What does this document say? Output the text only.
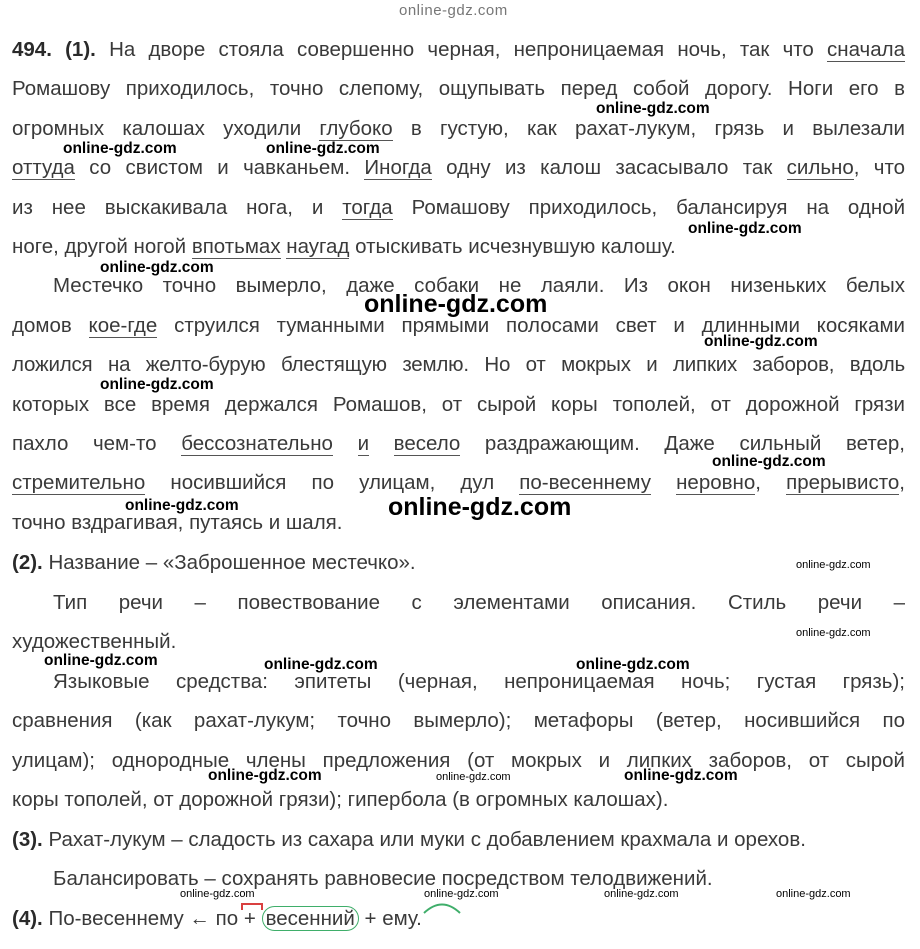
online-gdz.com
494. (1). На дворе стояла совершенно черная, непроницаемая ночь, так что сначала
Ромашову приходилось, точно слепому, ощупывать перед собой дорогу. Ноги его в
огромных калошах уходили глубоко в густую, как рахат-лукум, грязь и вылезали
оттуда со свистом и чавканьем. Иногда одну из калош засасывало так сильно, что
из нее выскакивала нога, и тогда Ромашову приходилось, балансируя на одной
ноге, другой ногой впотьмах наугад отыскивать исчезнувшую калошу.
Местечко точно вымерло, даже собаки не лаяли. Из окон низеньких белых
домов кое-где струился туманными прямыми полосами свет и длинными косяками
ложился на желто-бурую блестящую землю. Но от мокрых и липких заборов, вдоль
которых все время держался Ромашов, от сырой коры тополей, от дорожной грязи
пахло чем-то бессознательно и весело раздражающим. Даже сильный ветер,
стремительно носившийся по улицам, дул по-весеннему неровно, прерывисто,
точно вздрагивая, путаясь и шаля.
(2). Название – «Заброшенное местечко».
Тип речи – повествование с элементами описания. Стиль речи –
художественный.
Языковые средства: эпитеты (черная, непроницаемая ночь; густая грязь);
сравнения (как рахат-лукум; точно вымерло); метафоры (ветер, носившийся по
улицам); однородные члены предложения (от мокрых и липких заборов, от сырой
коры тополей, от дорожной грязи); гипербола (в огромных калошах).
(3). Рахат-лукум – сладость из сахара или муки с добавлением крахмала и орехов.
Балансировать – сохранять равновесие посредством телодвижений.
(4). По-весеннему ← по + весенний + ему.
online-gdz.com
online-gdz.com	online-gdz.com
online-gdz.com
online-gdz.com
online-gdz.com
online-gdz.com
online-gdz.com
online-gdz.com
online-gdz.com	online-gdz.com
online-gdz.com
online-gdz.com
online-gdz.com	online-gdz.com	online-gdz.com
online-gdz.com	online-gdz.com	online-gdz.com
online-gdz.com	online-gdz.com	online-gdz.com	online-gdz.com
